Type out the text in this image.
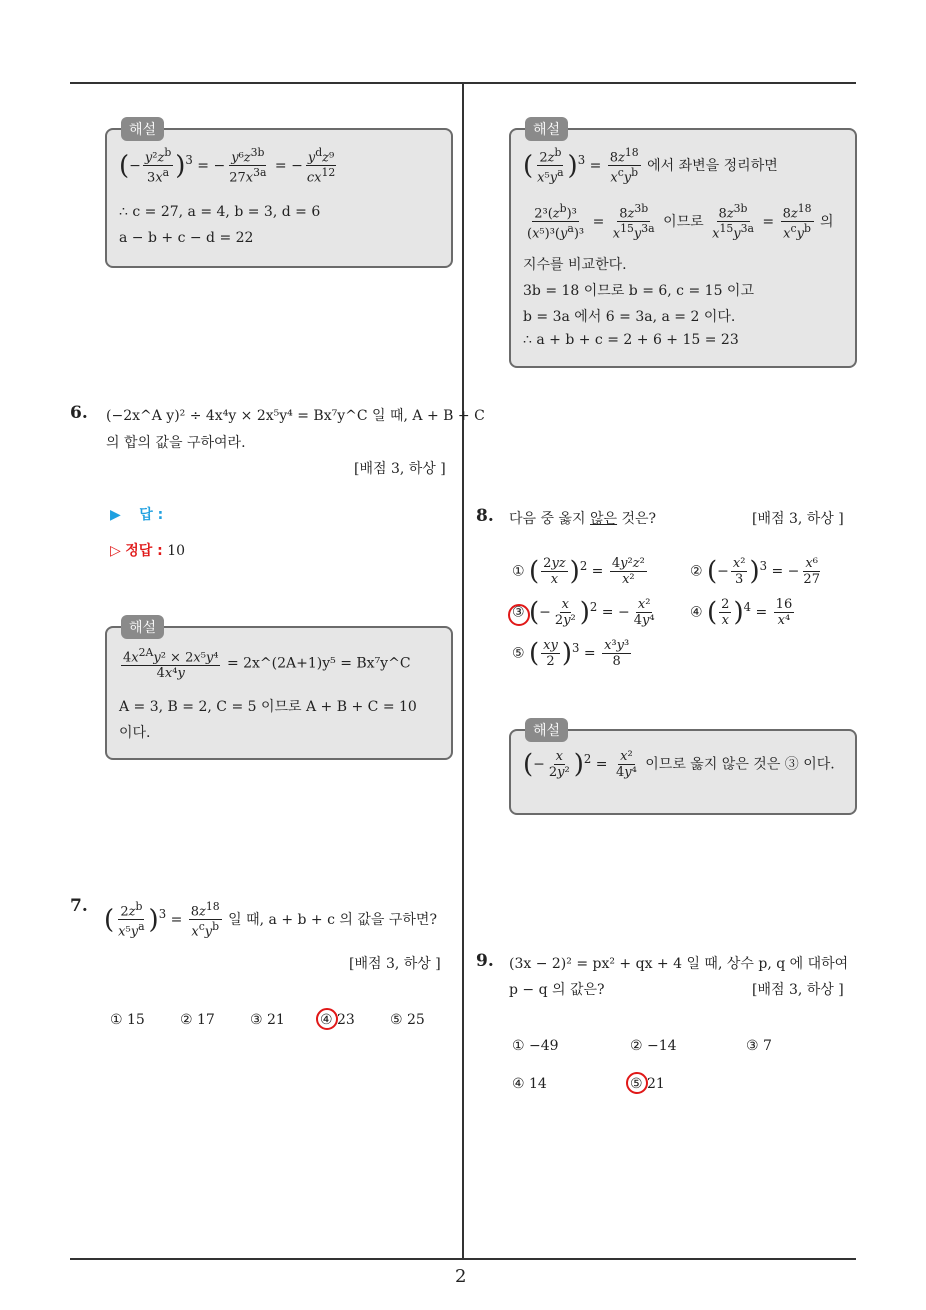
해설
(− $\frac{y^2z^b}{3x^a} )^3$ = − $\frac{y^6z^{3b}}{27x^{3a}}$ = − $\frac{y^dz^9}{cx^{12}}$
∴ c = 27, a = 4, b = 3, d = 6
a − b + c − d = 22
해설
( $\frac{2z^b}{x^5y^a} )^3 = \frac{8z^{18}}{x^cy^b}$ 에서 좌변을 정리하면
$\frac{2^3(z^b)^3}{(x^5)^3(y^a)^3} = \frac{8z^{3b}}{x^{15}y^{3a}}$ 이므로 $\frac{8z^{3b}}{x^{15}y^{3a}} = \frac{8z^{18}}{x^cy^b}$ 의
지수를 비교한다.
3b = 18 이므로 b = 6, c = 15 이고
b = 3a 에서 6 = 3a, a = 2 이다.
∴ a + b + c = 2 + 6 + 15 = 23
6. (−2x^A y)² ÷ 4x⁴y × 2x⁵y⁴ = Bx⁷y^C 일 때, A + B + C
의 합의 값을 구하여라.
[배점 3, 하상 ]
▶ 답 :
▷ 정답 : 10
해설
$\frac{4x^{2A}y^2 \times 2x^5y^4}{\text{4x⁴y}}$ = 2x^(2A+1)y⁵ = Bx⁷y^C
A = 3, B = 2, C = 5 이므로 A + B + C = 10
이다.
7. ( $\frac{2z^b}{x^5y^a} )^3 = \frac{8z^{18}}{x^cy^b}$ 일 때, a + b + c 의 값을 구하면?
[배점 3, 하상 ]
① 15	② 17	③ 21	④ 23	⑤ 25
8. 다음 중 옳지 않은 것은?	[배점 3, 하상 ]
① ( $\frac{2yz}{x} )^2 = \frac{\text{4y²z²}}{\text{x²}}$	② (− $\frac{\text{x²}}{3} )^3$ = − $\frac{\text{x⁶}}{27}$
③ (− $\frac{x}{\text{2y²}} )^2$ = − $\frac{\text{x²}}{\text{4y⁴}}$ ④ ( $\frac{2}{x} )^4 = \frac{16}{\text{x⁴}}$
⑤ ( $\frac{xy}{2} )^3 = \frac{\text{x³y³}}{8}$
해설
(− $\frac{x}{\text{2y²}} )^2 = \frac{\text{x²}}{\text{4y⁴}}$ 이므로 옳지 않은 것은 ③ 이다.
9. (3x − 2)² = px² + qx + 4 일 때, 상수 p, q 에 대하여
p − q 의 값은?	[배점 3, 하상 ]
① −49	② −14	③ 7
④ 14	⑤ 21
2
